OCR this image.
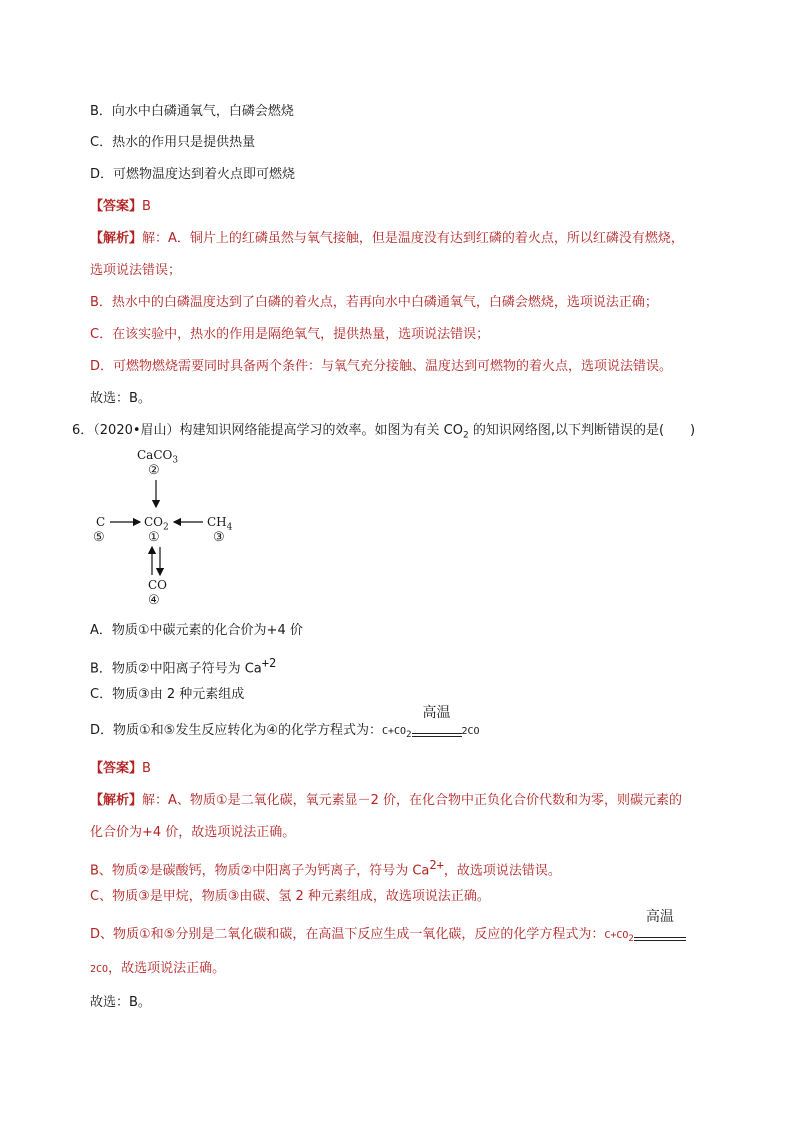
B．向水中白磷通氧气，白磷会燃烧
C．热水的作用只是提供热量
D．可燃物温度达到着火点即可燃烧
【答案】B
【解析】解：A．铜片上的红磷虽然与氧气接触，但是温度没有达到红磷的着火点，所以红磷没有燃烧，
选项说法错误；
B．热水中的白磷温度达到了白磷的着火点，若再向水中白磷通氧气，白磷会燃烧，选项说法正确；
C．在该实验中，热水的作用是隔绝氧气，提供热量，选项说法错误；
D．可燃物燃烧需要同时具备两个条件：与氧气充分接触、温度达到可燃物的着火点，选项说法错误。
故选：B。
6．（2020•眉山）构建知识网络能提高学习的效率。如图为有关 $CO_2$ 的知识网络图,以下判断错误的是(　　)
CaCO$_3$
②
C
⑤
$CO_2$
①
$CH_4$
③
CO
④
A．物质①中碳元素的化合价为+4 价
B．物质②中阳离子符号为 $Ca^{+2}$
C．物质③由 2 种元素组成
D．物质①和⑤发生反应转化为④的化学方程式为：$C+CO_2$
高温
2CO
【答案】B
【解析】解：A、物质①是二氧化碳，氧元素显－2 价，在化合物中正负化合价代数和为零，则碳元素的
化合价为+4 价，故选项说法正确。
B、物质②是碳酸钙，物质②中阳离子为钙离子，符号为 $Ca^{2+}$，故选项说法错误。
C、物质③是甲烷，物质③由碳、氢 2 种元素组成，故选项说法正确。
D、物质①和⑤分别是二氧化碳和碳，在高温下反应生成一氧化碳，反应的化学方程式为：$C+CO_2$
高温
2CO，故选项说法正确。
故选：B。
